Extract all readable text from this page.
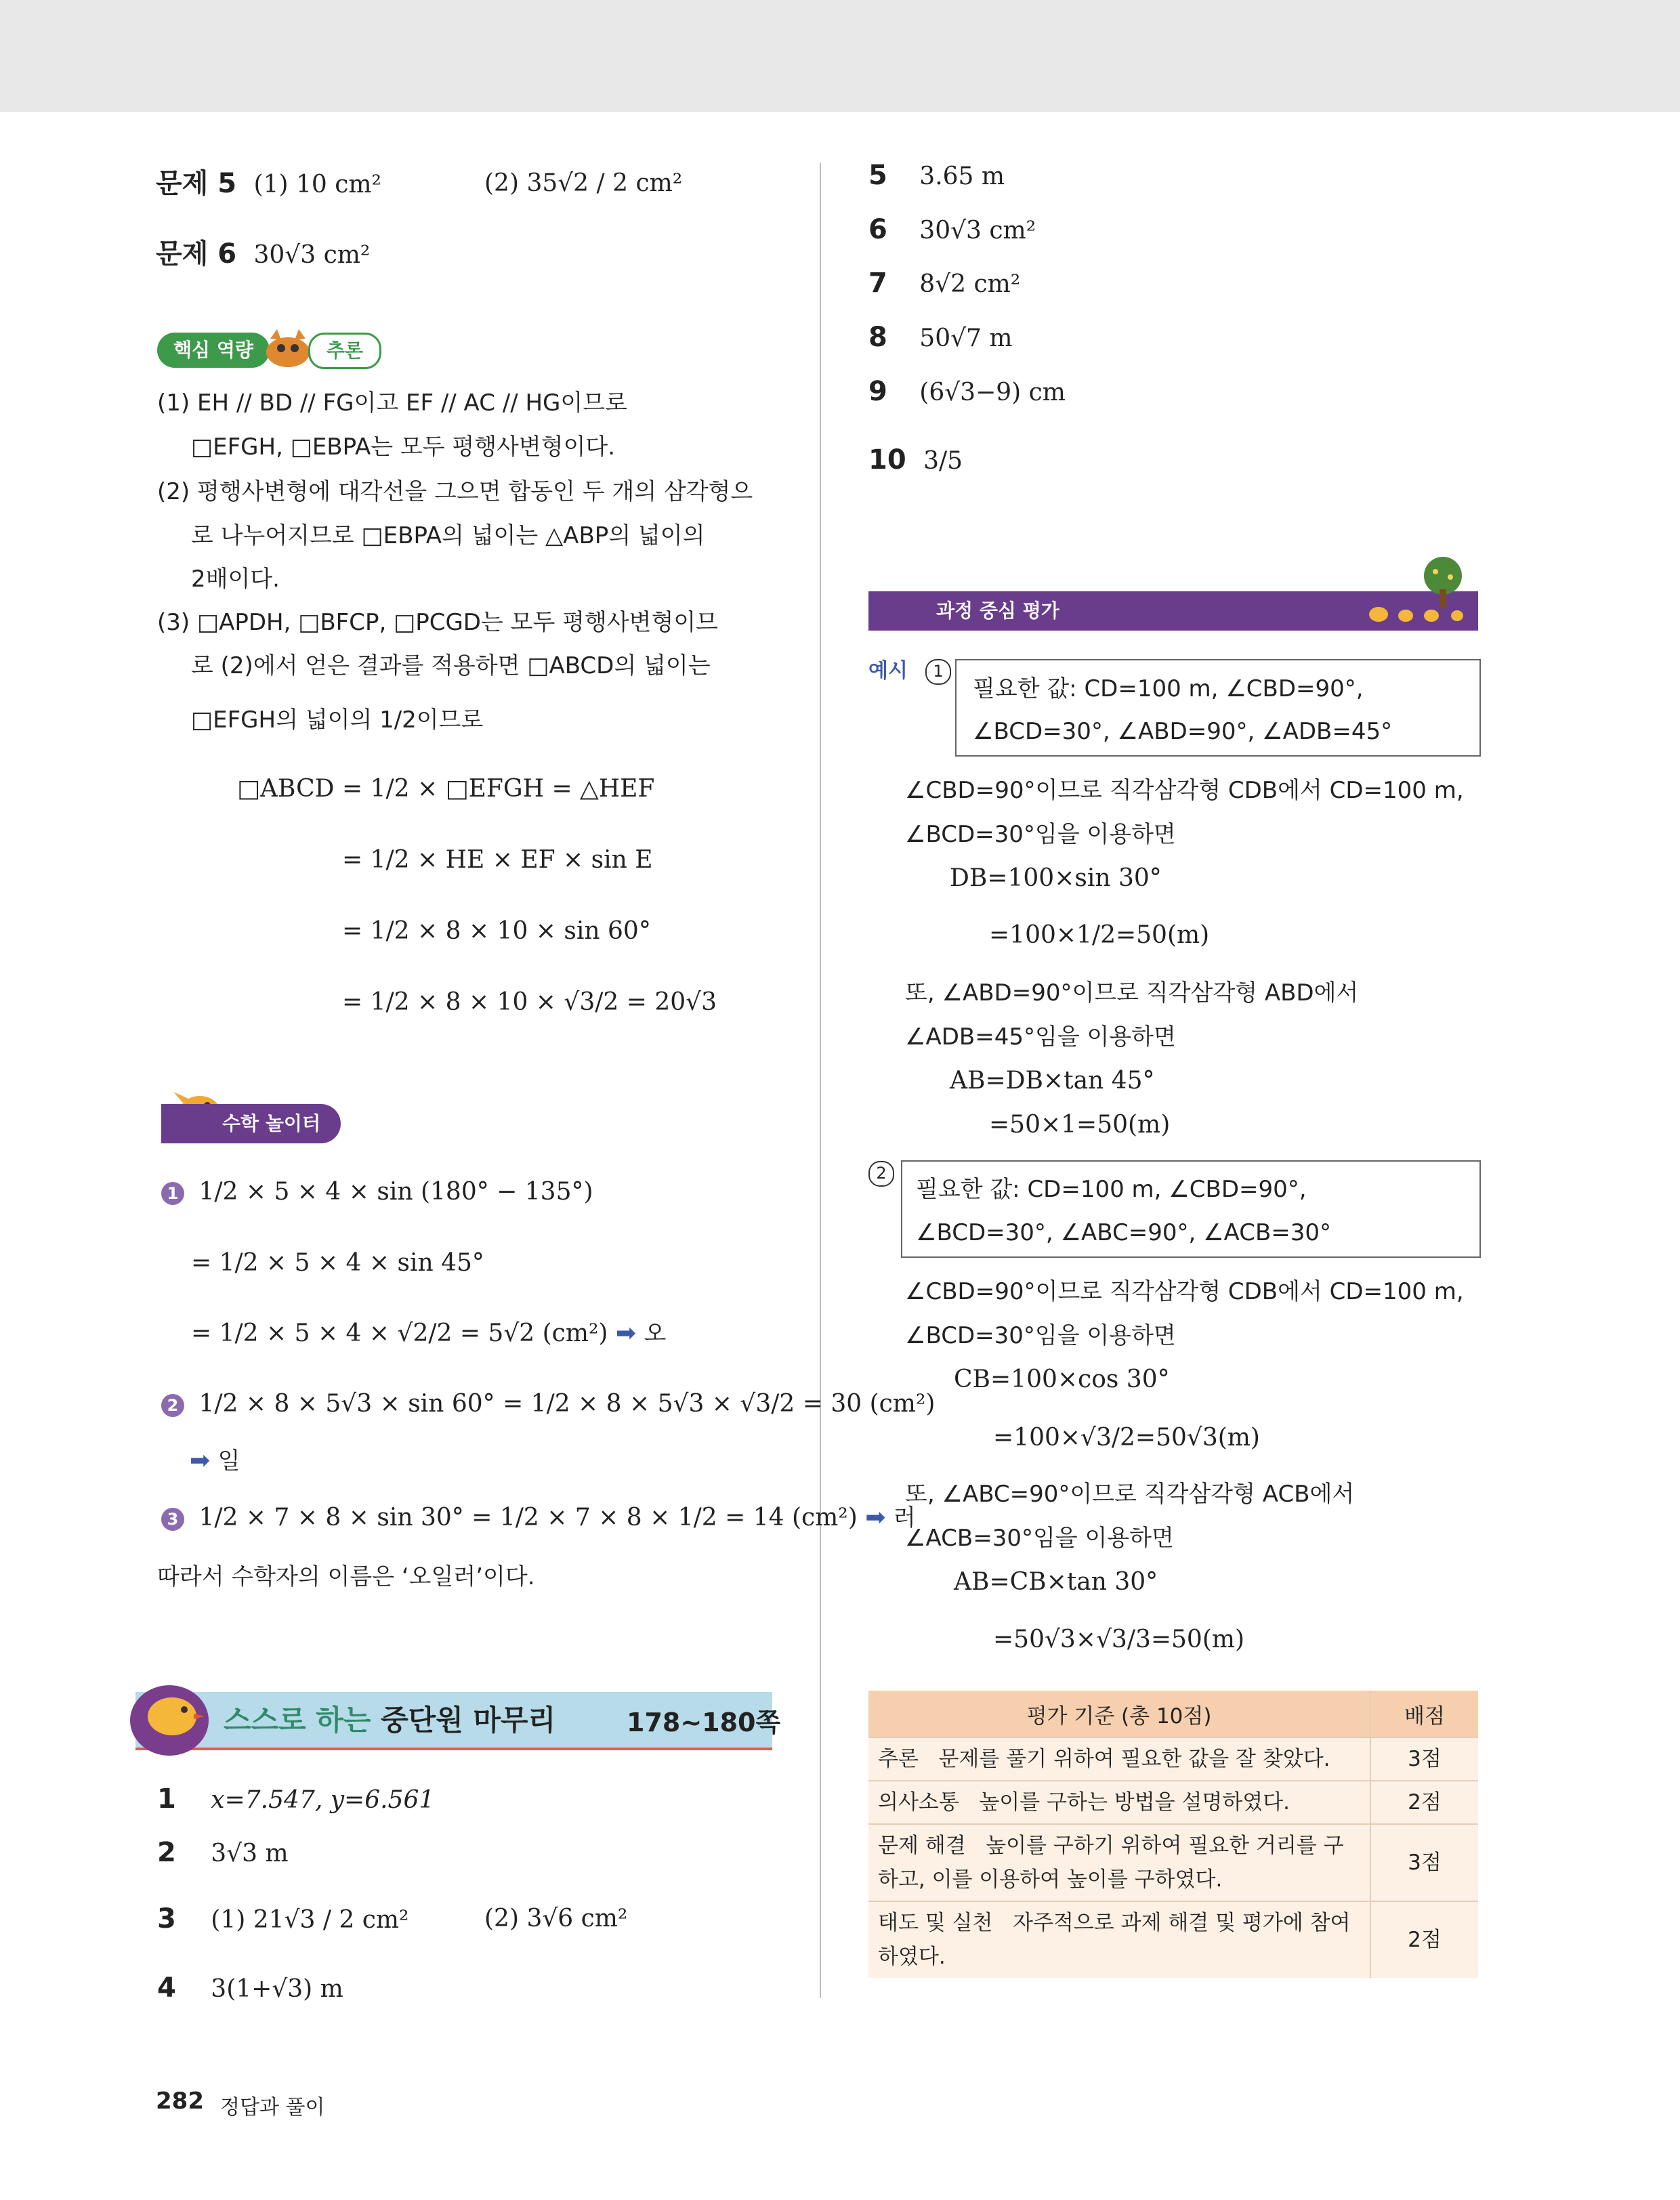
문제 5 (1) 10 cm²	(2) 35√2 / 2 cm²
문제 6 30√3 cm²
핵심 역량	추론
(1) EH // BD // FG이고 EF // AC // HG이므로
□EFGH, □EBPA는 모두 평행사변형이다.
(2) 평행사변형에 대각선을 그으면 합동인 두 개의 삼각형으
로 나누어지므로 □EBPA의 넓이는 △ABP의 넓이의
2배이다.
(3) □APDH, □BFCP, □PCGD는 모두 평행사변형이므
로 (2)에서 얻은 결과를 적용하면 □ABCD의 넓이는
□EFGH의 넓이의 1/2이므로
□ABCD = 1/2 × □EFGH = △HEF
= 1/2 × HE × EF × sin E
= 1/2 × 8 × 10 × sin 60°
= 1/2 × 8 × 10 × √3/2 = 20√3
수학 놀이터
1 1/2 × 5 × 4 × sin (180° − 135°)
= 1/2 × 5 × 4 × sin 45°
= 1/2 × 5 × 4 × √2/2 = 5√2 (cm²) ➡ 오
2 1/2 × 8 × 5√3 × sin 60° = 1/2 × 8 × 5√3 × √3/2 = 30 (cm²)
➡ 일
3 1/2 × 7 × 8 × sin 30° = 1/2 × 7 × 8 × 1/2 = 14 (cm²) ➡ 러
따라서 수학자의 이름은 ‘오일러’이다.
스스로 하는 중단원 마무리	178~180쪽
1 x=7.547, y=6.561
2 3√3 m
3 (1) 21√3 / 2 cm²	(2) 3√6 cm²
4 3(1+√3) m
5 3.65 m
6 30√3 cm²
7 8√2 cm²
8 50√7 m
9 (6√3−9) cm
10 3/5
과정 중심 평가
예시	1
필요한 값: CD=100 m, ∠CBD=90°,
∠BCD=30°, ∠ABD=90°, ∠ADB=45°
∠CBD=90°이므로 직각삼각형 CDB에서 CD=100 m,
∠BCD=30°임을 이용하면
DB=100×sin 30°
=100×1/2=50(m)
또, ∠ABD=90°이므로 직각삼각형 ABD에서
∠ADB=45°임을 이용하면
AB=DB×tan 45°
=50×1=50(m)
2
필요한 값: CD=100 m, ∠CBD=90°,
∠BCD=30°, ∠ABC=90°, ∠ACB=30°
∠CBD=90°이므로 직각삼각형 CDB에서 CD=100 m,
∠BCD=30°임을 이용하면
CB=100×cos 30°
=100×√3/2=50√3(m)
또, ∠ABC=90°이므로 직각삼각형 ACB에서
∠ACB=30°임을 이용하면
AB=CB×tan 30°
=50√3×√3/3=50(m)
평가 기준 (총 10점)	배점
추론 문제를 풀기 위하여 필요한 값을 잘 찾았다.	3점
의사소통 높이를 구하는 방법을 설명하였다.	2점
문제 해결 높이를 구하기 위하여 필요한 거리를 구하고, 이를 이용하여 높이를 구하였다.	3점
태도 및 실천 자주적으로 과제 해결 및 평가에 참여하였다.	2점
282 정답과 풀이
